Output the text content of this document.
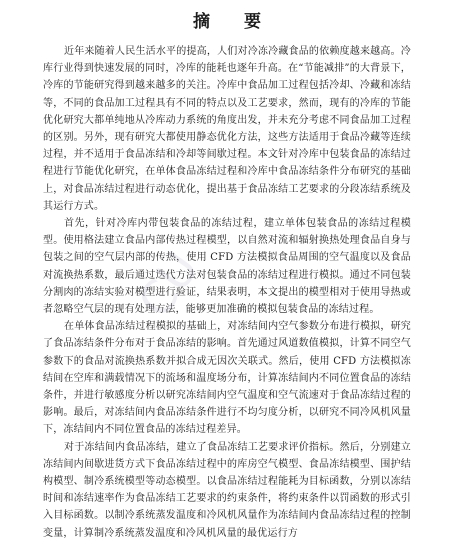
摘 要

近年来随着人民生活水平的提高，人们对冷冻冷藏食品的依赖度越来越高。冷库行业得到快速发展的同时，冷库的能耗也逐年升高。在“节能减排”的大背景下，冷库的节能研究得到越来越多的关注。冷库中食品加工过程包括冷却、冷藏和冻结等，不同的食品加工过程具有不同的特点以及工艺要求，然而，现有的冷库的节能优化研究大都单纯地从冷库动力系统的角度出发，并未充分考虑不同食品加工过程的区别。另外，现有研究大都使用静态优化方法，这些方法适用于食品冷藏等连续过程，并不适用于食品冻结和冷却等间歇过程。本文针对冷库中包装食品的冻结过程进行节能优化研究，在单体食品冻结过程和冷库中食品冻结条件分布研究的基础上，对食品冻结过程进行动态优化，提出基于食品冻结工艺要求的分段冻结系统及其运行方式。

首先，针对冷库内带包装食品的冻结过程，建立单体包装食品的冻结过程模型。使用格法建立食品内部传热过程模型，以自然对流和辐射换热处理食品自身与包装之间的空气层内部的传热，使用 CFD 方法模拟食品周围的空气温度以及食品对流换热系数，最后通过迭代方法对包装食品的冻结过程进行模拟。通过不同包装分割肉的冻结实验对模型进行验证，结果表明，本文提出的模型相对于使用导热或者忽略空气层的现有处理方法，能够更加准确的模拟包装食品的冻结过程。

在单体食品冻结过程模拟的基础上，对冻结间内空气参数分布进行模拟，研究了食品冻结条件分布对于食品冻结的影响。首先通过风道数值模拟，计算不同空气参数下的食品对流换热系数并拟合成无因次关联式。然后，使用 CFD 方法模拟冻结间在空库和满载情况下的流场和温度场分布，计算冻结间内不同位置食品的冻结条件，并进行敏感度分析以研究冻结间内空气温度和空气流速对于食品冻结过程的影响。最后，对冻结间内食品冻结条件进行不均匀度分析，以研究不同冷风机风量下，冻结间内不同位置食品的冻结过程差异。

对于冻结间内食品冻结，建立了食品冻结工艺要求评价指标。然后，分别建立冻结间内间歇进货方式下食品冻结过程中的库房空气模型、食品冻结模型、围护结构模型、制冷系统模型等动态模型。以食品冻结过程能耗为目标函数，分别以冻结时间和冻结速率作为食品冻结工艺要求的约束条件，将约束条件以罚函数的形式引入目标函数。以制冷系统蒸发温度和冷风机风量作为冻结间内食品冻结过程的控制变量，计算制冷系统蒸发温度和冷风机风量的最优运行方

CU
